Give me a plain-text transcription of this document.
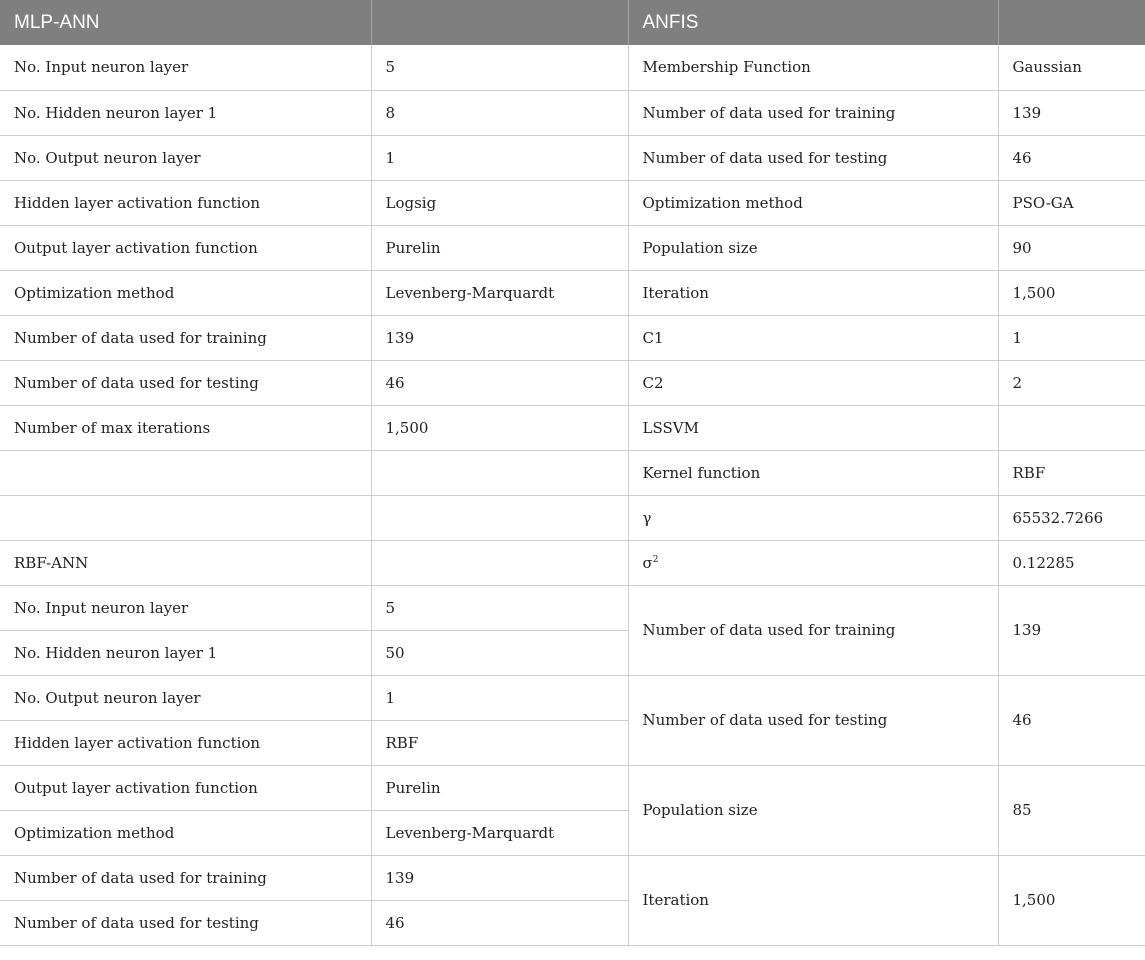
MLP-ANN		ANFIS	
No. Input neuron layer	5	Membership Function	Gaussian
No. Hidden neuron layer 1	8	Number of data used for training	139
No. Output neuron layer	1	Number of data used for testing	46
Hidden layer activation function	Logsig	Optimization method	PSO-GA
Output layer activation function	Purelin	Population size	90
Optimization method	Levenberg-Marquardt	Iteration	1,500
Number of data used for training	139	C1	1
Number of data used for testing	46	C2	2
Number of max iterations	1,500	LSSVM	
		Kernel function	RBF
		γ	65532.7266
RBF-ANN		$\sigma^2$	0.12285
No. Input neuron layer	5	Number of data used for training	139
No. Hidden neuron layer 1	50		
No. Output neuron layer	1	Number of data used for testing	46
Hidden layer activation function	RBF		
Output layer activation function	Purelin	Population size	85
Optimization method	Levenberg-Marquardt		
Number of data used for training	139	Iteration	1,500
Number of data used for testing	46		
